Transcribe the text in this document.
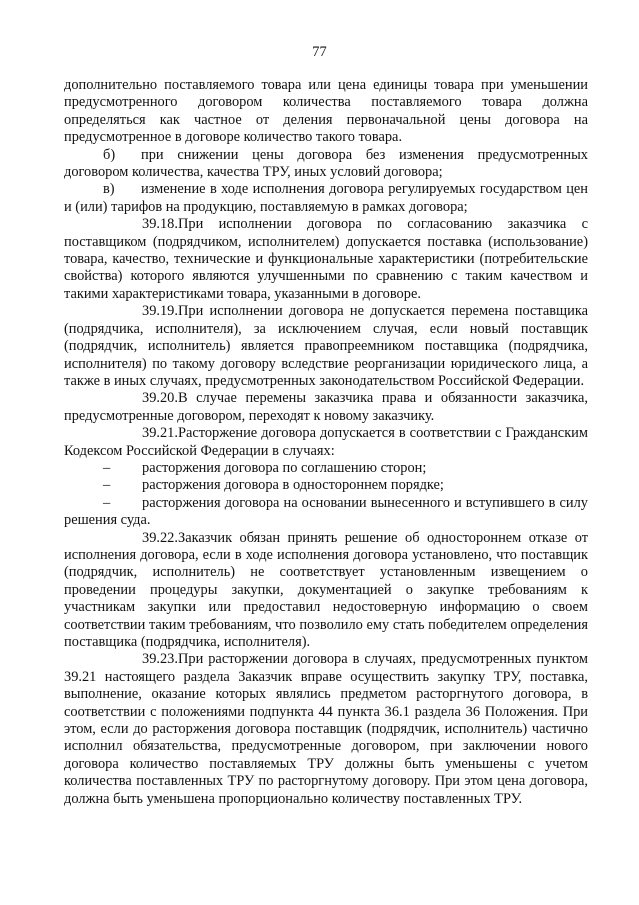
77

дополнительно поставляемого товара или цена единицы товара при уменьшении предусмотренного договором количества поставляемого товара должна определяться как частное от деления первоначальной цены договора на предусмотренное в договоре количество такого товара.

б) при снижении цены договора без изменения предусмотренных договором количества, качества ТРУ, иных условий договора;

в) изменение в ходе исполнения договора регулируемых государством цен и (или) тарифов на продукцию, поставляемую в рамках договора;

39.18.При исполнении договора по согласованию заказчика с поставщиком (подрядчиком, исполнителем) допускается поставка (использование) товара, качество, технические и функциональные характеристики (потребительские свойства) которого являются улучшенными по сравнению с таким качеством и такими характеристиками товара, указанными в договоре.

39.19.При исполнении договора не допускается перемена поставщика (подрядчика, исполнителя), за исключением случая, если новый поставщик (подрядчик, исполнитель) является правопреемником поставщика (подрядчика, исполнителя) по такому договору вследствие реорганизации юридического лица, а также в иных случаях, предусмотренных законодательством Российской Федерации.

39.20.В случае перемены заказчика права и обязанности заказчика, предусмотренные договором, переходят к новому заказчику.

39.21.Расторжение договора допускается в соответствии с Гражданским Кодексом Российской Федерации в случаях:

–	расторжения договора по соглашению сторон;

–	расторжения договора в одностороннем порядке;

– расторжения договора на основании вынесенного и вступившего в силу решения суда.

39.22.Заказчик обязан принять решение об одностороннем отказе от исполнения договора, если в ходе исполнения договора установлено, что поставщик (подрядчик, исполнитель) не соответствует установленным извещением о проведении процедуры закупки, документацией о закупке требованиям к участникам закупки или предоставил недостоверную информацию о своем соответствии таким требованиям, что позволило ему стать победителем определения поставщика (подрядчика, исполнителя).

39.23.При расторжении договора в случаях, предусмотренных пунктом 39.21 настоящего раздела Заказчик вправе осуществить закупку ТРУ, поставка, выполнение, оказание которых являлись предметом расторгнутого договора, в соответствии с положениями подпункта 44 пункта 36.1 раздела 36 Положения. При этом, если до расторжения договора поставщик (подрядчик, исполнитель) частично исполнил обязательства, предусмотренные договором, при заключении нового договора количество поставляемых ТРУ должны быть уменьшены с учетом количества поставленных ТРУ по расторгнутому договору. При этом цена договора, должна быть уменьшена пропорционально количеству поставленных ТРУ.
